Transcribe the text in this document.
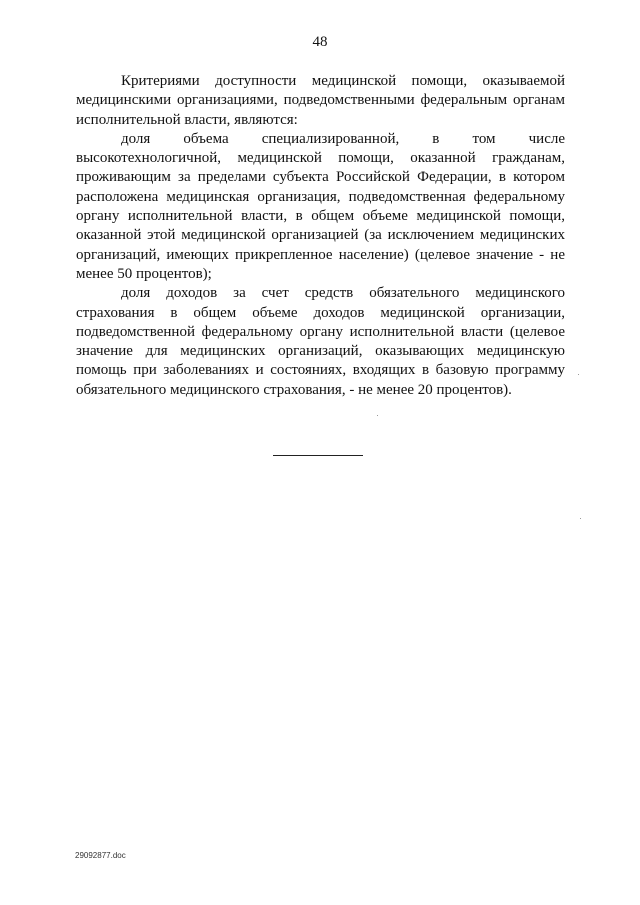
48

Критериями доступности медицинской помощи, оказываемой медицинскими организациями, подведомственными федеральным органам исполнительной власти, являются:

доля объема специализированной, в том числе высокотехнологичной, медицинской помощи, оказанной гражданам, проживающим за пределами субъекта Российской Федерации, в котором расположена медицинская организация, подведомственная федеральному органу исполнительной власти, в общем объеме медицинской помощи, оказанной этой медицинской организацией (за исключением медицинских организаций, имеющих прикрепленное население) (целевое значение - не менее 50 процентов);

доля доходов за счет средств обязательного медицинского страхования в общем объеме доходов медицинской организации, подведомственной федеральному органу исполнительной власти (целевое значение для медицинских организаций, оказывающих медицинскую помощь при заболеваниях и состояниях, входящих в базовую программу обязательного медицинского страхования, - не менее 20 процентов).

29092877.doc
